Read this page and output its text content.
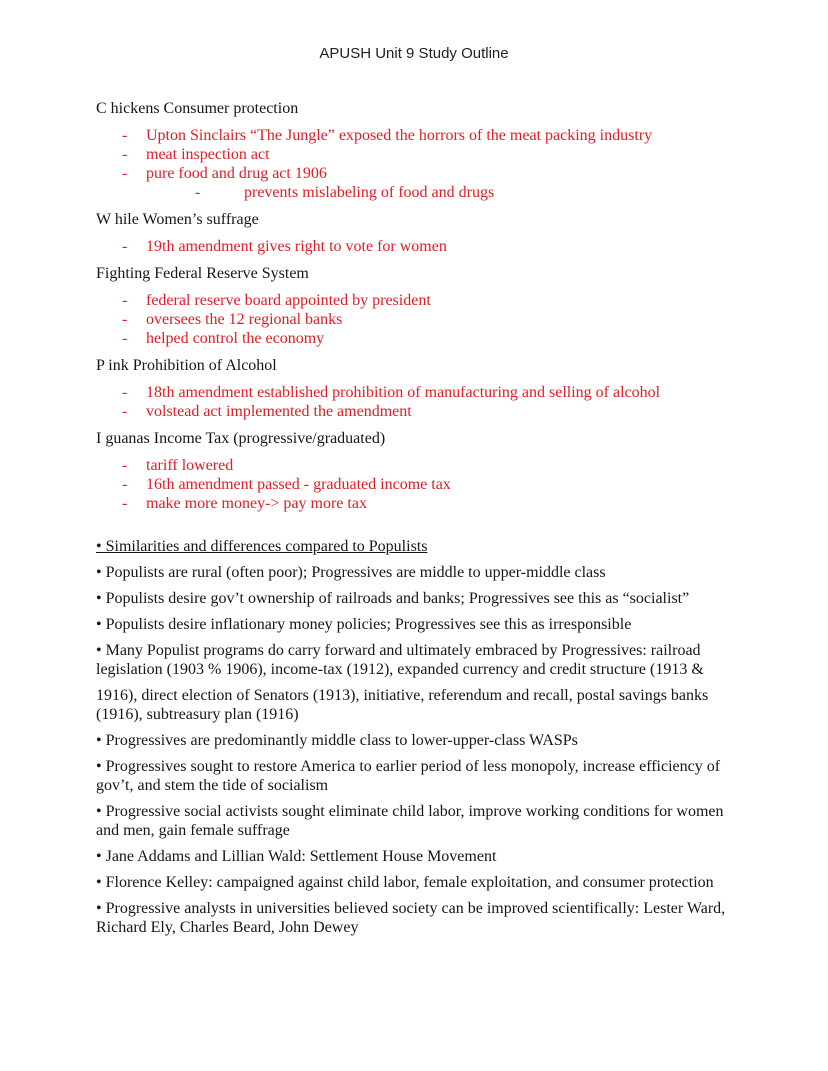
APUSH Unit 9 Study Outline

C hickens Consumer protection

-	Upton Sinclairs “The Jungle” exposed the horrors of the meat packing industry
-	meat inspection act
-	pure food and drug act 1906
-	prevents mislabeling of food and drugs

W hile Women’s suffrage

-	19th amendment gives right to vote for women

Fighting Federal Reserve System

-	federal reserve board appointed by president
-	oversees the 12 regional banks
-	helped control the economy

P ink Prohibition of Alcohol

-	18th amendment established prohibition of manufacturing and selling of alcohol
-	volstead act implemented the amendment

I guanas Income Tax (progressive/graduated)

-	tariff lowered
-	16th amendment passed - graduated income tax
-	make more money-> pay more tax

• Similarities and differences compared to Populists

• Populists are rural (often poor); Progressives are middle to upper-middle class

• Populists desire gov’t ownership of railroads and banks; Progressives see this as “socialist”

• Populists desire inflationary money policies; Progressives see this as irresponsible

• Many Populist programs do carry forward and ultimately embraced by Progressives: railroad legislation (1903 % 1906), income-tax (1912), expanded currency and credit structure (1913 &

1916), direct election of Senators (1913), initiative, referendum and recall, postal savings banks (1916), subtreasury plan (1916)

• Progressives are predominantly middle class to lower-upper-class WASPs

• Progressives sought to restore America to earlier period of less monopoly, increase efficiency of gov’t, and stem the tide of socialism

• Progressive social activists sought eliminate child labor, improve working conditions for women and men, gain female suffrage

• Jane Addams and Lillian Wald: Settlement House Movement

• Florence Kelley: campaigned against child labor, female exploitation, and consumer protection

• Progressive analysts in universities believed society can be improved scientifically: Lester Ward, Richard Ely, Charles Beard, John Dewey
